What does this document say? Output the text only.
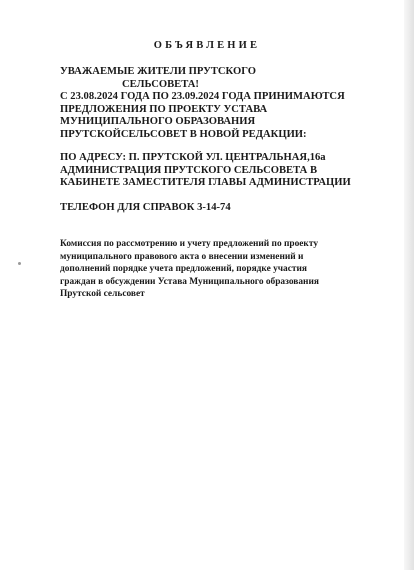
ОБЪЯВЛЕНИЕ
УВАЖАЕМЫЕ ЖИТЕЛИ ПРУТСКОГО
СЕЛЬСОВЕТА!
С 23.08.2024 ГОДА ПО 23.09.2024 ГОДА ПРИНИМАЮТСЯ
ПРЕДЛОЖЕНИЯ ПО ПРОЕКТУ УСТАВА
МУНИЦИПАЛЬНОГО ОБРАЗОВАНИЯ
ПРУТСКОЙСЕЛЬСОВЕТ В НОВОЙ РЕДАКЦИИ:
ПО АДРЕСУ: П. ПРУТСКОЙ УЛ. ЦЕНТРАЛЬНАЯ,16а
АДМИНИСТРАЦИЯ ПРУТСКОГО СЕЛЬСОВЕТА В
КАБИНЕТЕ ЗАМЕСТИТЕЛЯ ГЛАВЫ АДМИНИСТРАЦИИ
ТЕЛЕФОН ДЛЯ СПРАВОК 3-14-74
Комиссия по рассмотрению и учету предложений по проекту
муниципального правового акта о внесении изменений и
дополнений порядке учета предложений, порядке участия
граждан в обсуждении Устава Муниципального образования
Прутской сельсовет
